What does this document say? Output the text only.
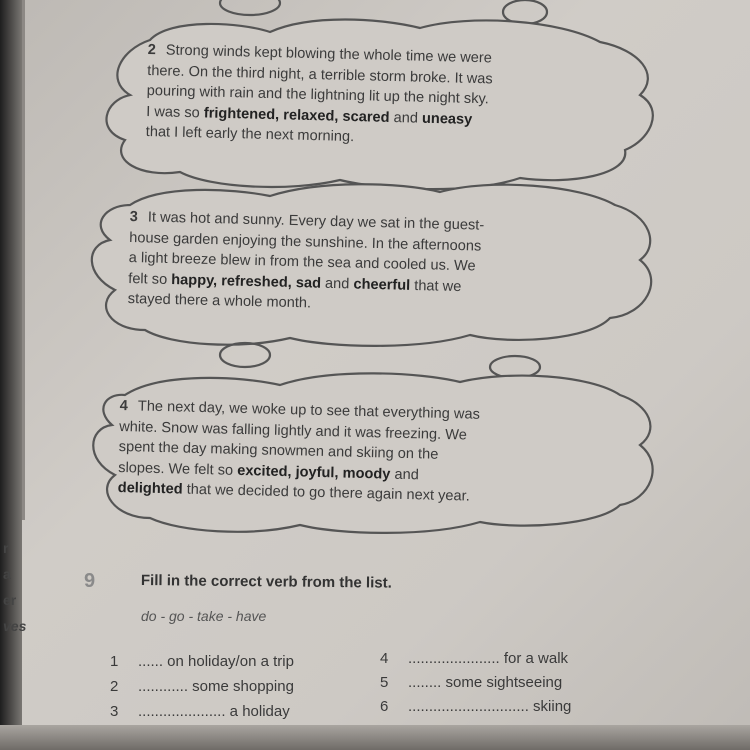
2 Strong winds kept blowing the whole time we were
there. On the third night, a terrible storm broke. It was
pouring with rain and the lightning lit up the night sky.
I was so frightened, relaxed, scared and uneasy
that I left early the next morning.
3 It was hot and sunny. Every day we sat in the guest-
house garden enjoying the sunshine. In the afternoons
a light breeze blew in from the sea and cooled us. We
felt so happy, refreshed, sad and cheerful that we
stayed there a whole month.
4 The next day, we woke up to see that everything was
white. Snow was falling lightly and it was freezing. We
spent the day making snowmen and skiing on the
slopes. We felt so excited, joyful, moody and
delighted that we decided to go there again next year.
r
a
er
ves
9	Fill in the correct verb from the list.
do - go - take - have
1 ...... on holiday/on a trip
2 ............ some shopping
3 ..................... a holiday
4 ...................... for a walk
5 ........ some sightseeing
6 ............................. skiing
